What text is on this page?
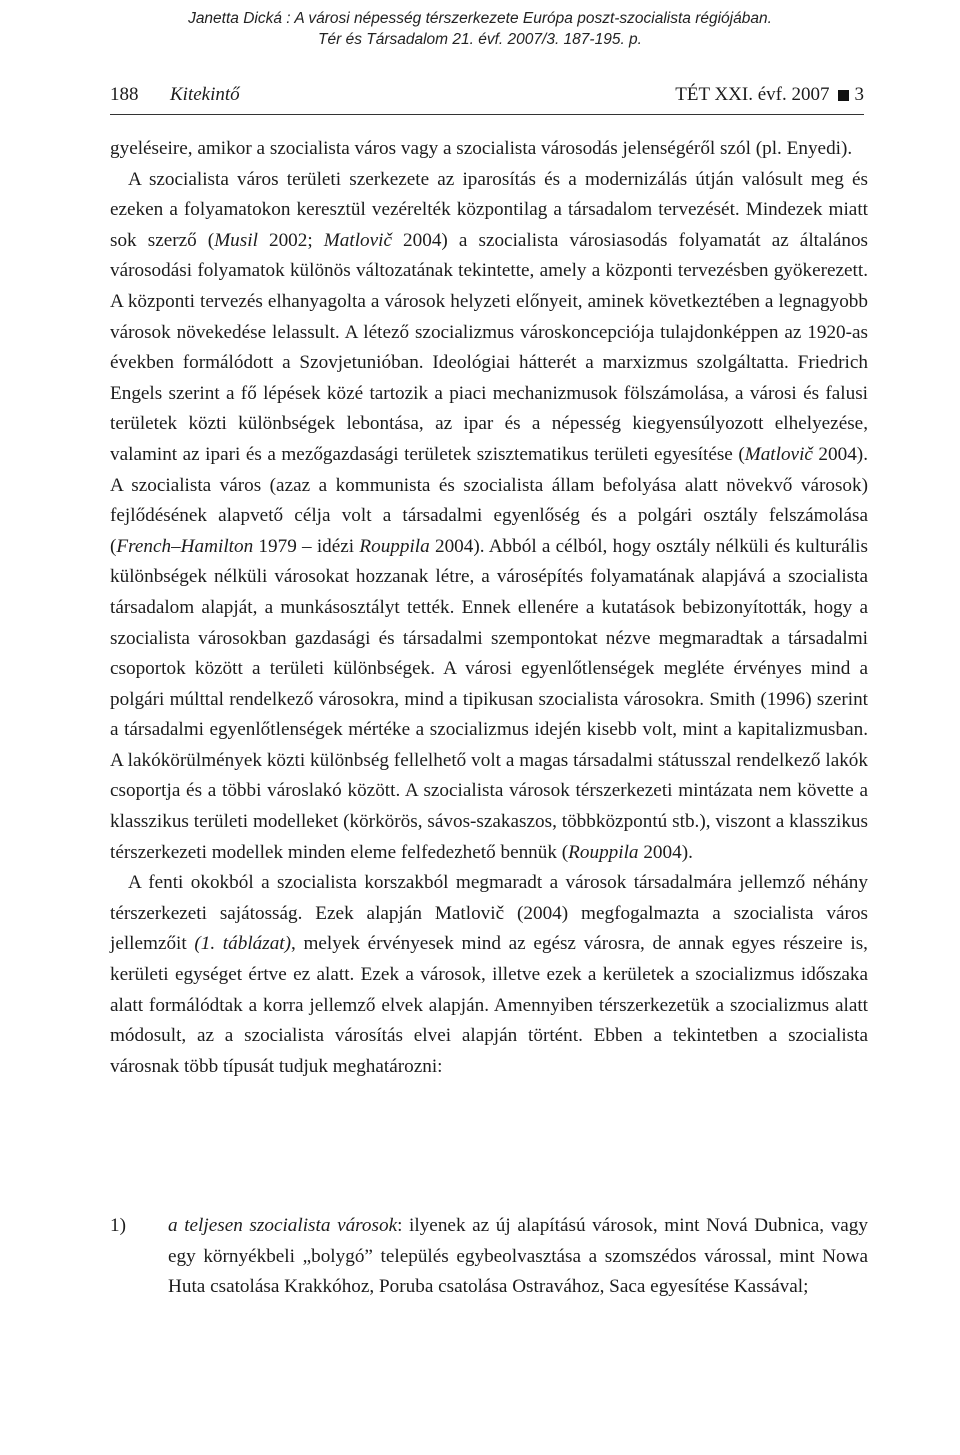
Janetta Dická : A városi népesség térszerkezete Európa poszt-szocialista régiójában.
Tér és Társadalom 21. évf. 2007/3. 187-195. p.
188 Kitekintő	TÉT XXI. évf. 2007 3

gyeléseire, amikor a szocialista város vagy a szocialista városodás jelenségéről szól (pl. Enyedi).

A szocialista város területi szerkezete az iparosítás és a modernizálás útján valósult meg és ezeken a folyamatokon keresztül vezérelték központilag a társadalom tervezését. Mindezek miatt sok szerző (Musil 2002; Matlovič 2004) a szocialista városiasodás folyamatát az általános városodási folyamatok különös változatának tekintette, amely a központi tervezésben gyökerezett. A központi tervezés elhanyagolta a városok helyzeti előnyeit, aminek következtében a legnagyobb városok növekedése lelassult. A létező szocializmus városkoncepciója tulajdonképpen az 1920-as években formálódott a Szovjetunióban. Ideológiai hátterét a marxizmus szolgáltatta. Friedrich Engels szerint a fő lépések közé tartozik a piaci mechanizmusok fölszámolása, a városi és falusi területek közti különbségek lebontása, az ipar és a népesség kiegyensúlyozott elhelyezése, valamint az ipari és a mezőgazdasági területek szisztematikus területi egyesítése (Matlovič 2004). A szocialista város (azaz a kommunista és szocialista állam befolyása alatt növekvő városok) fejlődésének alapvető célja volt a társadalmi egyenlőség és a polgári osztály felszámolása (French–Hamilton 1979 – idézi Rouppila 2004). Abból a célból, hogy osztály nélküli és kulturális különbségek nélküli városokat hozzanak létre, a városépítés folyamatának alapjává a szocialista társadalom alapját, a munkásosztályt tették. Ennek ellenére a kutatások bebizonyították, hogy a szocialista városokban gazdasági és társadalmi szempontokat nézve megmaradtak a társadalmi csoportok között a területi különbségek. A városi egyenlőtlenségek megléte érvényes mind a polgári múlttal rendelkező városokra, mind a tipikusan szocialista városokra. Smith (1996) szerint a társadalmi egyenlőtlenségek mértéke a szocializmus idején kisebb volt, mint a kapitalizmusban. A lakókörülmények közti különbség fellelhető volt a magas társadalmi státusszal rendelkező lakók csoportja és a többi városlakó között. A szocialista városok térszerkezeti mintázata nem követte a klasszikus területi modelleket (körkörös, sávos-szakaszos, többközpontú stb.), viszont a klasszikus térszerkezeti modellek minden eleme felfedezhető bennük (Rouppila 2004).

A fenti okokból a szocialista korszakból megmaradt a városok társadalmára jellemző néhány térszerkezeti sajátosság. Ezek alapján Matlovič (2004) megfogalmazta a szocialista város jellemzőit (1. táblázat), melyek érvényesek mind az egész városra, de annak egyes részeire is, kerületi egységet értve ez alatt. Ezek a városok, illetve ezek a kerületek a szocializmus időszaka alatt formálódtak a korra jellemző elvek alapján. Amennyiben térszerkezetük a szocializmus alatt módosult, az a szocialista városítás elvei alapján történt. Ebben a tekintetben a szocialista városnak több típusát tudjuk meghatározni:

1) a teljesen szocialista városok: ilyenek az új alapítású városok, mint Nová Dubnica, vagy egy környékbeli „bolygó” település egybeolvasztása a szomszédos várossal, mint Nowa Huta csatolása Krakkóhoz, Poruba csatolása Ostravához, Saca egyesítése Kassával;
